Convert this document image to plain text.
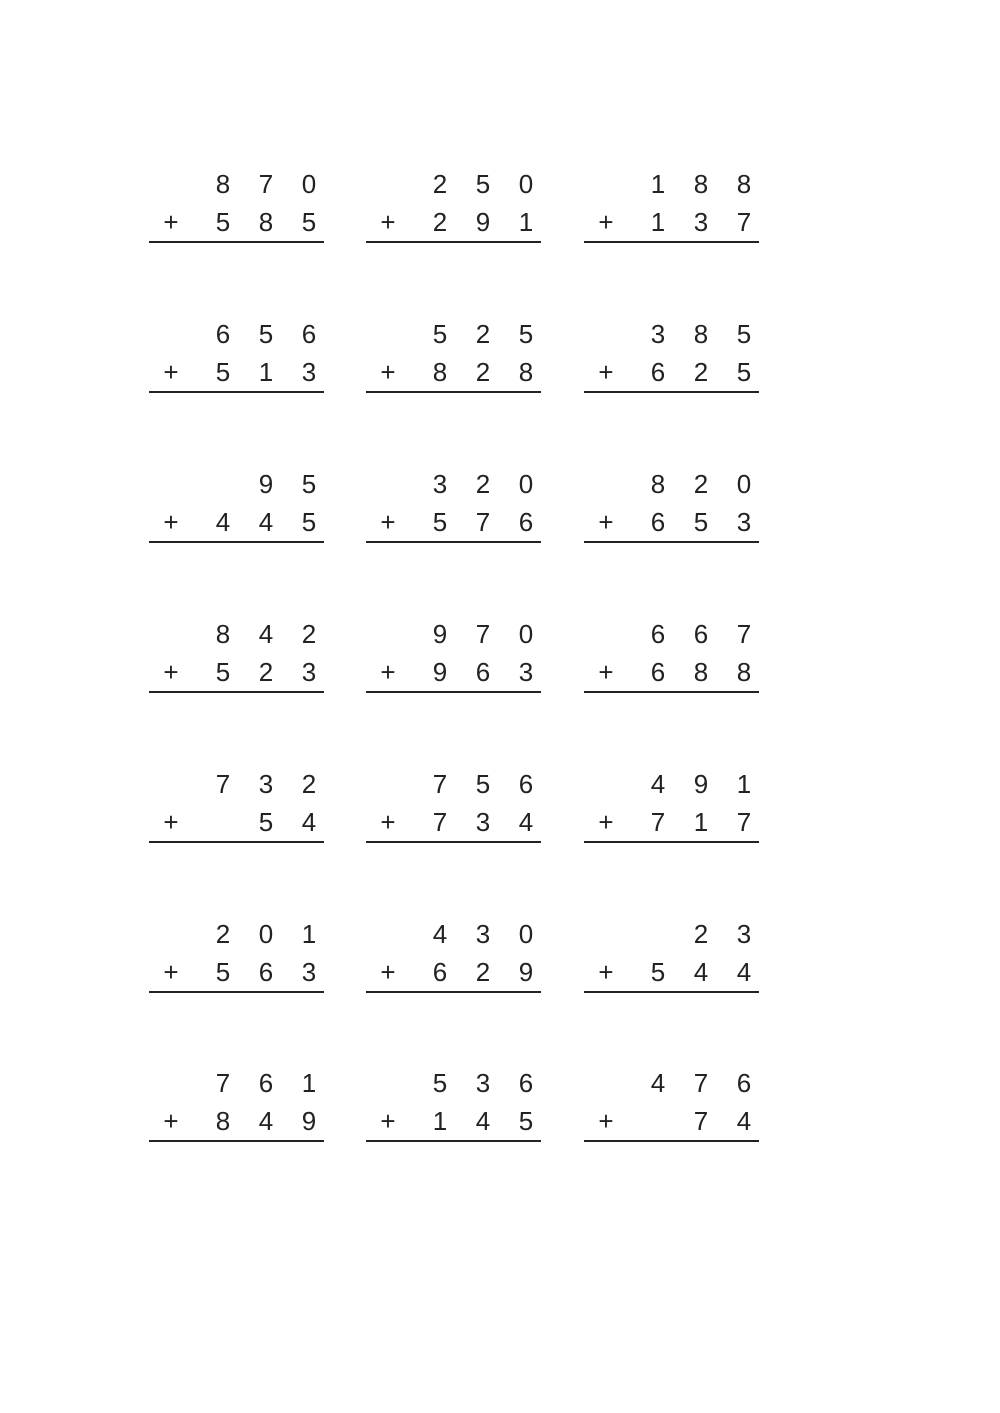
8 7 0
+ 5 8 5
2 5 0
+ 2 9 1
1 8 8
+ 1 3 7
6 5 6
+ 5 1 3
5 2 5
+ 8 2 8
3 8 5
+ 6 2 5
9 5
+ 4 4 5
3 2 0
+ 5 7 6
8 2 0
+ 6 5 3
8 4 2
+ 5 2 3
9 7 0
+ 9 6 3
6 6 7
+ 6 8 8
7 3 2
+	5 4
7 5 6
+ 7 3 4
4 9 1
+ 7 1 7
2 0 1
+ 5 6 3
4 3 0
+ 6 2 9
2 3
+ 5 4 4
7 6 1
+ 8 4 9
5 3 6
+ 1 4 5
4 7 6
+	7 4
